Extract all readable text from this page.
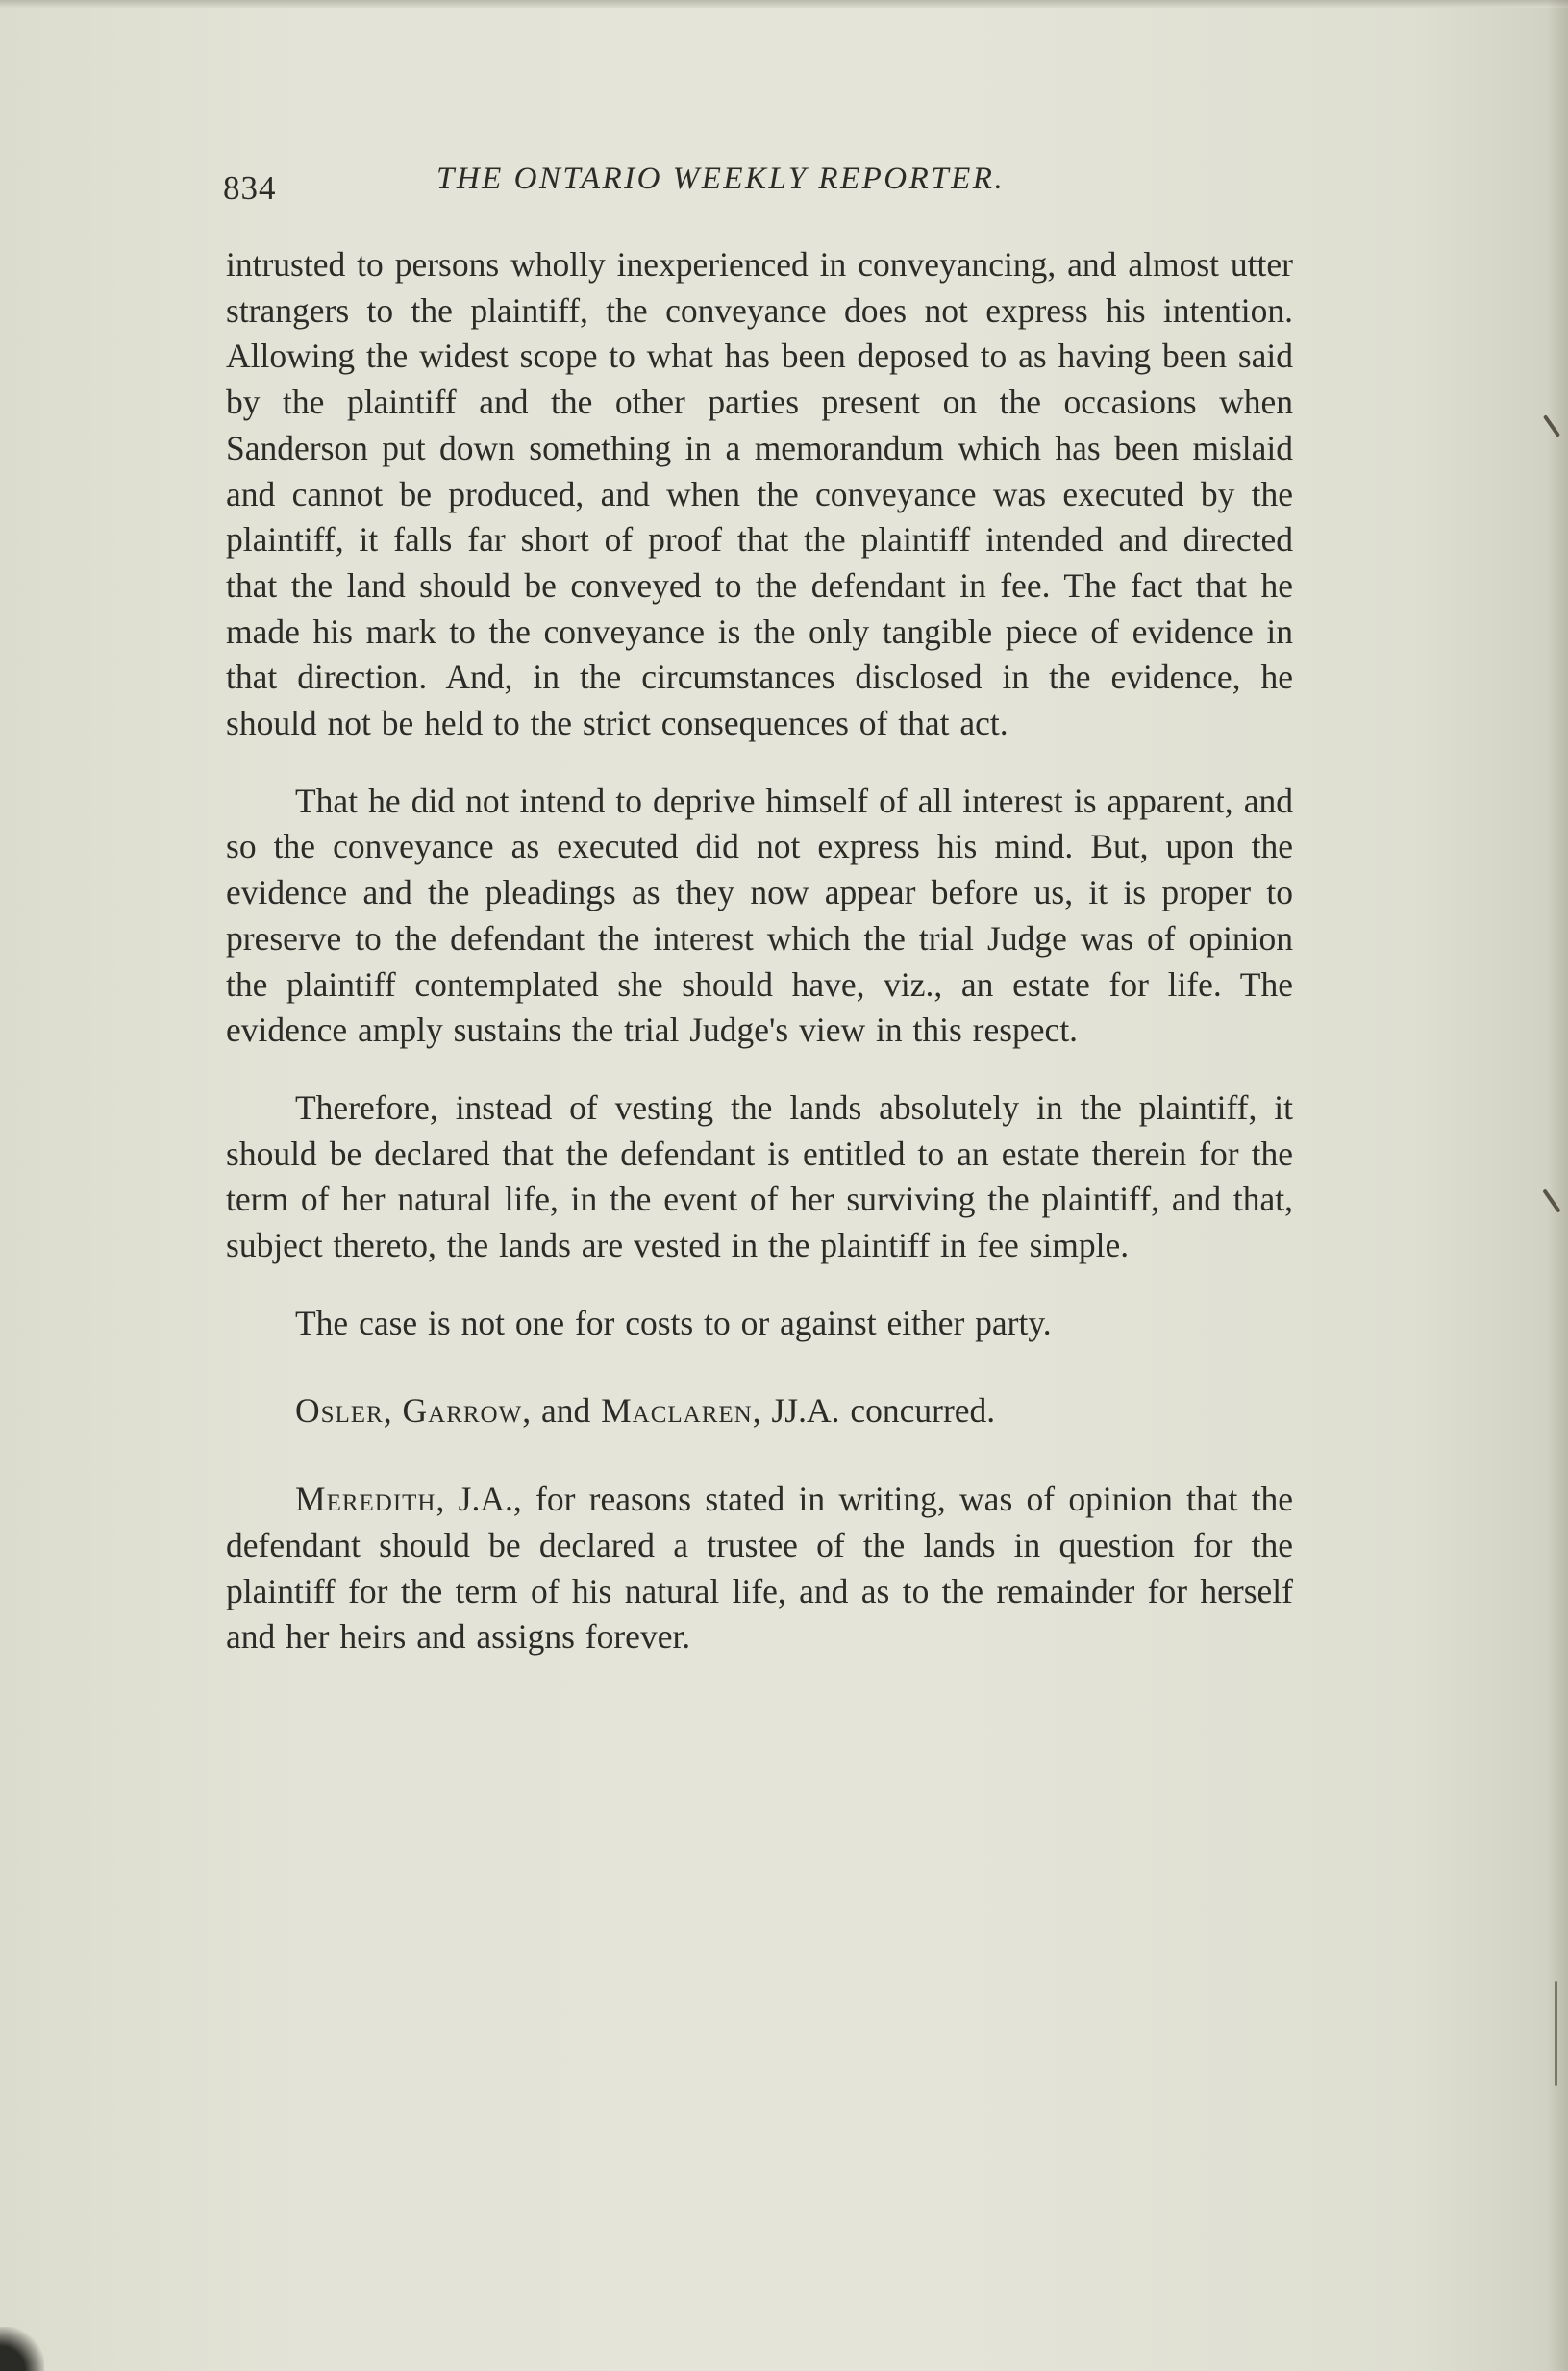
834	THE ONTARIO WEEKLY REPORTER.

intrusted to persons wholly inexperienced in conveyancing, and almost utter strangers to the plaintiff, the conveyance does not express his intention. Allowing the widest scope to what has been deposed to as having been said by the plaintiff and the other parties present on the occasions when Sanderson put down something in a memorandum which has been mislaid and cannot be produced, and when the conveyance was executed by the plaintiff, it falls far short of proof that the plaintiff intended and directed that the land should be conveyed to the defendant in fee. The fact that he made his mark to the conveyance is the only tangible piece of evidence in that direction. And, in the circumstances disclosed in the evidence, he should not be held to the strict consequences of that act.

That he did not intend to deprive himself of all interest is apparent, and so the conveyance as executed did not express his mind. But, upon the evidence and the pleadings as they now appear before us, it is proper to preserve to the defendant the interest which the trial Judge was of opinion the plaintiff contemplated she should have, viz., an estate for life. The evidence amply sustains the trial Judge's view in this respect.

Therefore, instead of vesting the lands absolutely in the plaintiff, it should be declared that the defendant is entitled to an estate therein for the term of her natural life, in the event of her surviving the plaintiff, and that, subject thereto, the lands are vested in the plaintiff in fee simple.

The case is not one for costs to or against either party.

Osler, Garrow, and Maclaren, JJ.A. concurred.

Meredith, J.A., for reasons stated in writing, was of opinion that the defendant should be declared a trustee of the lands in question for the plaintiff for the term of his natural life, and as to the remainder for herself and her heirs and assigns forever.
